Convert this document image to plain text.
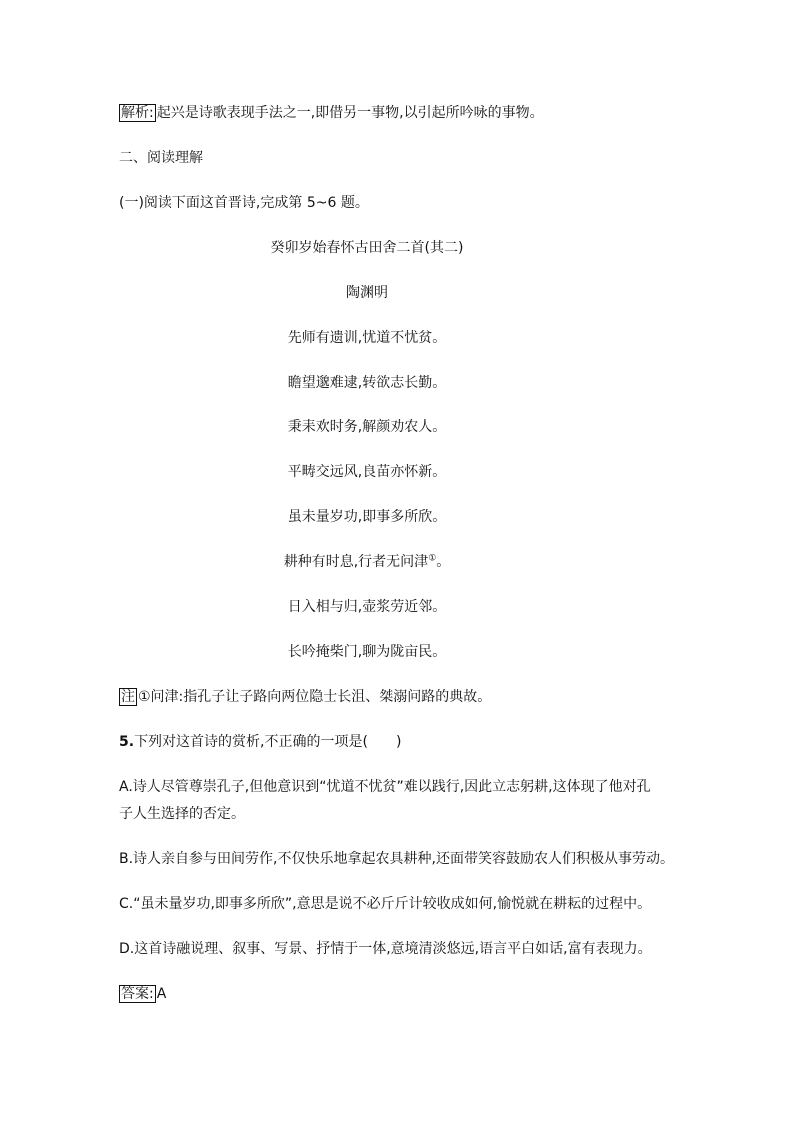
解析: 起兴是诗歌表现手法之一,即借另一事物,以引起所吟咏的事物。

二、阅读理解

(一)阅读下面这首晋诗,完成第 5~6 题。

癸卯岁始春怀古田舍二首(其二)

陶渊明

先师有遗训,忧道不忧贫。

瞻望邈难逮,转欲志长勤。

秉耒欢时务,解颜劝农人。

平畴交远风,良苗亦怀新。

虽未量岁功,即事多所欣。

耕种有时息,行者无问津①。

日入相与归,壶浆劳近邻。

长吟掩柴门,聊为陇亩民。

注 ①问津:指孔子让子路向两位隐士长沮、桀溺问路的典故。

5.下列对这首诗的赏析,不正确的一项是(　　)

A.诗人尽管尊崇孔子,但他意识到“忧道不忧贫”难以践行,因此立志躬耕,这体现了他对孔

子人生选择的否定。

B.诗人亲自参与田间劳作,不仅快乐地拿起农具耕种,还面带笑容鼓励农人们积极从事劳动。

C.“虽未量岁功,即事多所欣”,意思是说不必斤斤计较收成如何,愉悦就在耕耘的过程中。

D.这首诗融说理、叙事、写景、抒情于一体,意境清淡悠远,语言平白如话,富有表现力。

答案: A
